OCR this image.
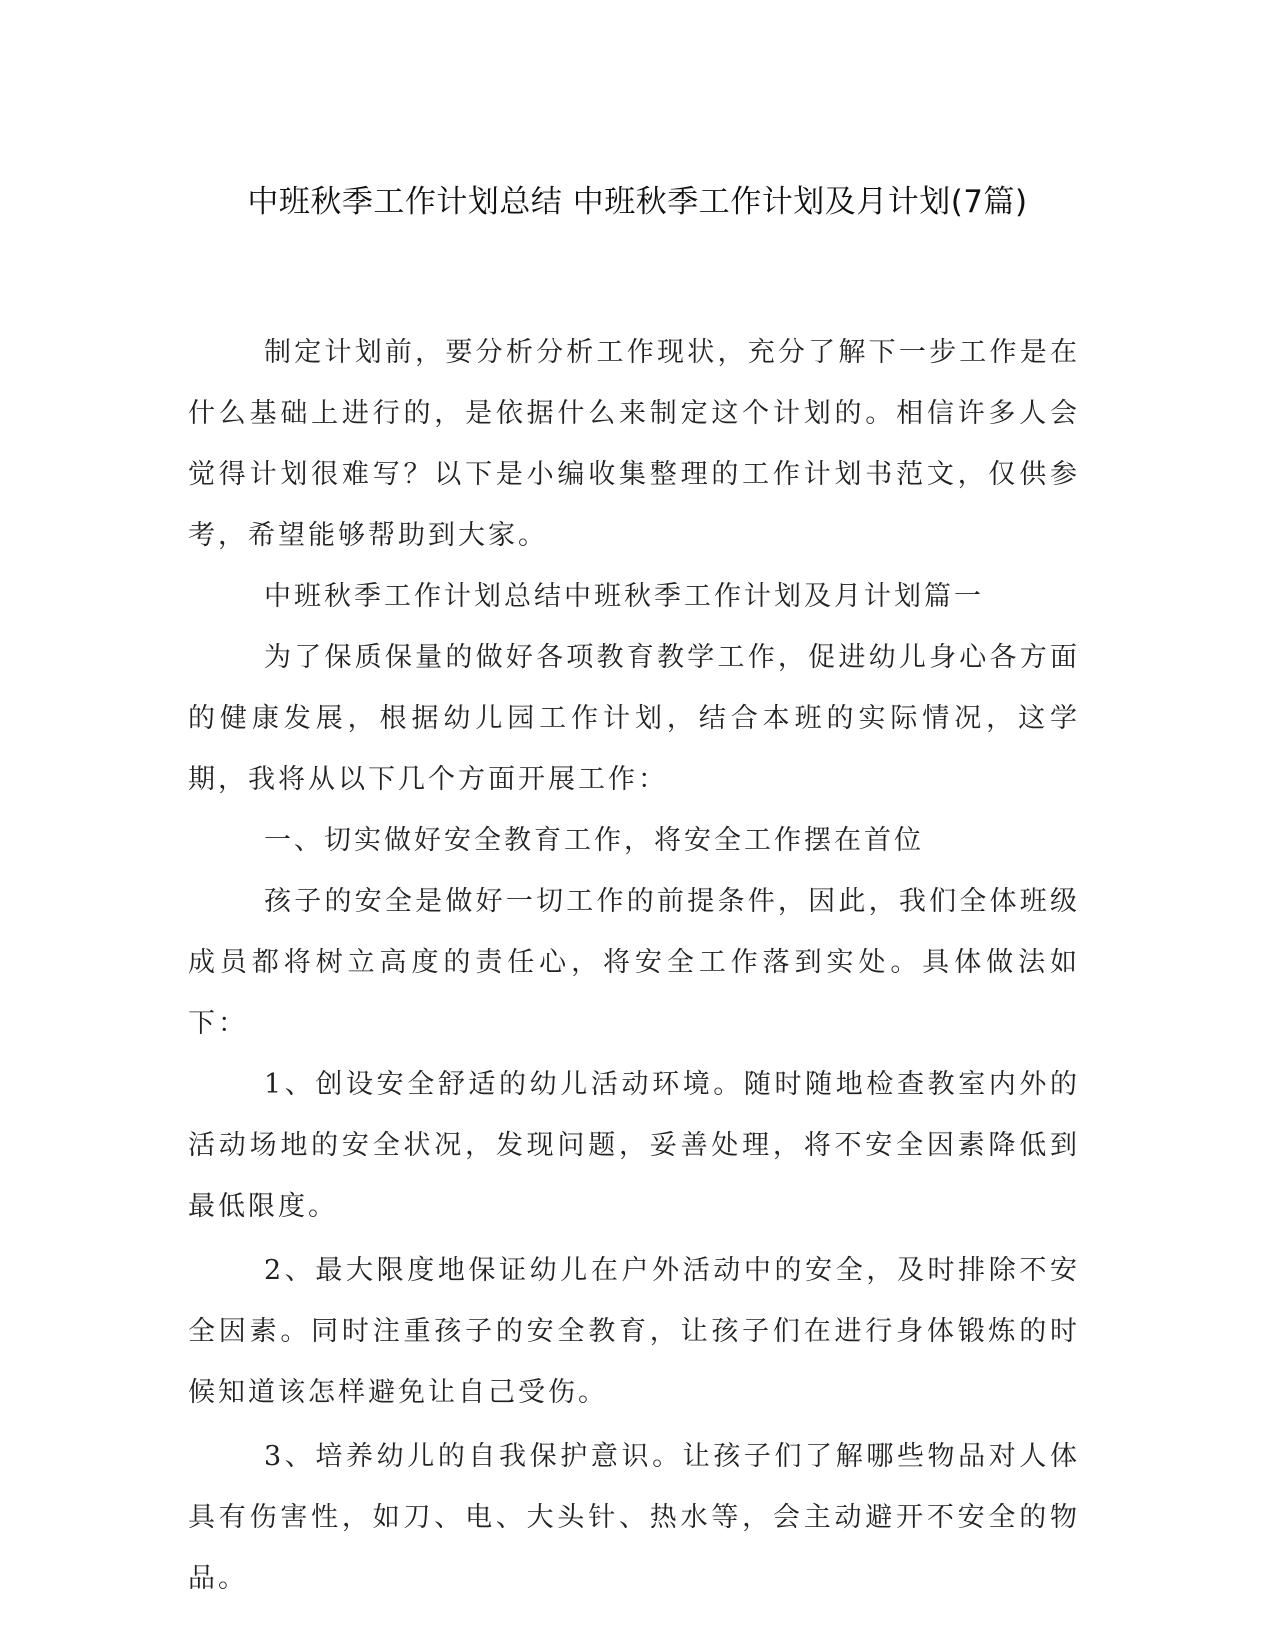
中班秋季工作计划总结 中班秋季工作计划及月计划(7篇)

制定计划前，要分析分析工作现状，充分了解下一步工作是在什么基础上进行的，是依据什么来制定这个计划的。相信许多人会觉得计划很难写？以下是小编收集整理的工作计划书范文，仅供参考，希望能够帮助到大家。

中班秋季工作计划总结中班秋季工作计划及月计划篇一

为了保质保量的做好各项教育教学工作，促进幼儿身心各方面的健康发展，根据幼儿园工作计划，结合本班的实际情况，这学期，我将从以下几个方面开展工作：

一、切实做好安全教育工作，将安全工作摆在首位

孩子的安全是做好一切工作的前提条件，因此，我们全体班级成员都将树立高度的责任心，将安全工作落到实处。具体做法如下：

1、创设安全舒适的幼儿活动环境。随时随地检查教室内外的活动场地的安全状况，发现问题，妥善处理，将不安全因素降低到最低限度。

2、最大限度地保证幼儿在户外活动中的安全，及时排除不安全因素。同时注重孩子的安全教育，让孩子们在进行身体锻炼的时候知道该怎样避免让自己受伤。

3、培养幼儿的自我保护意识。让孩子们了解哪些物品对人体具有伤害性，如刀、电、大头针、热水等，会主动避开不安全的物品。
